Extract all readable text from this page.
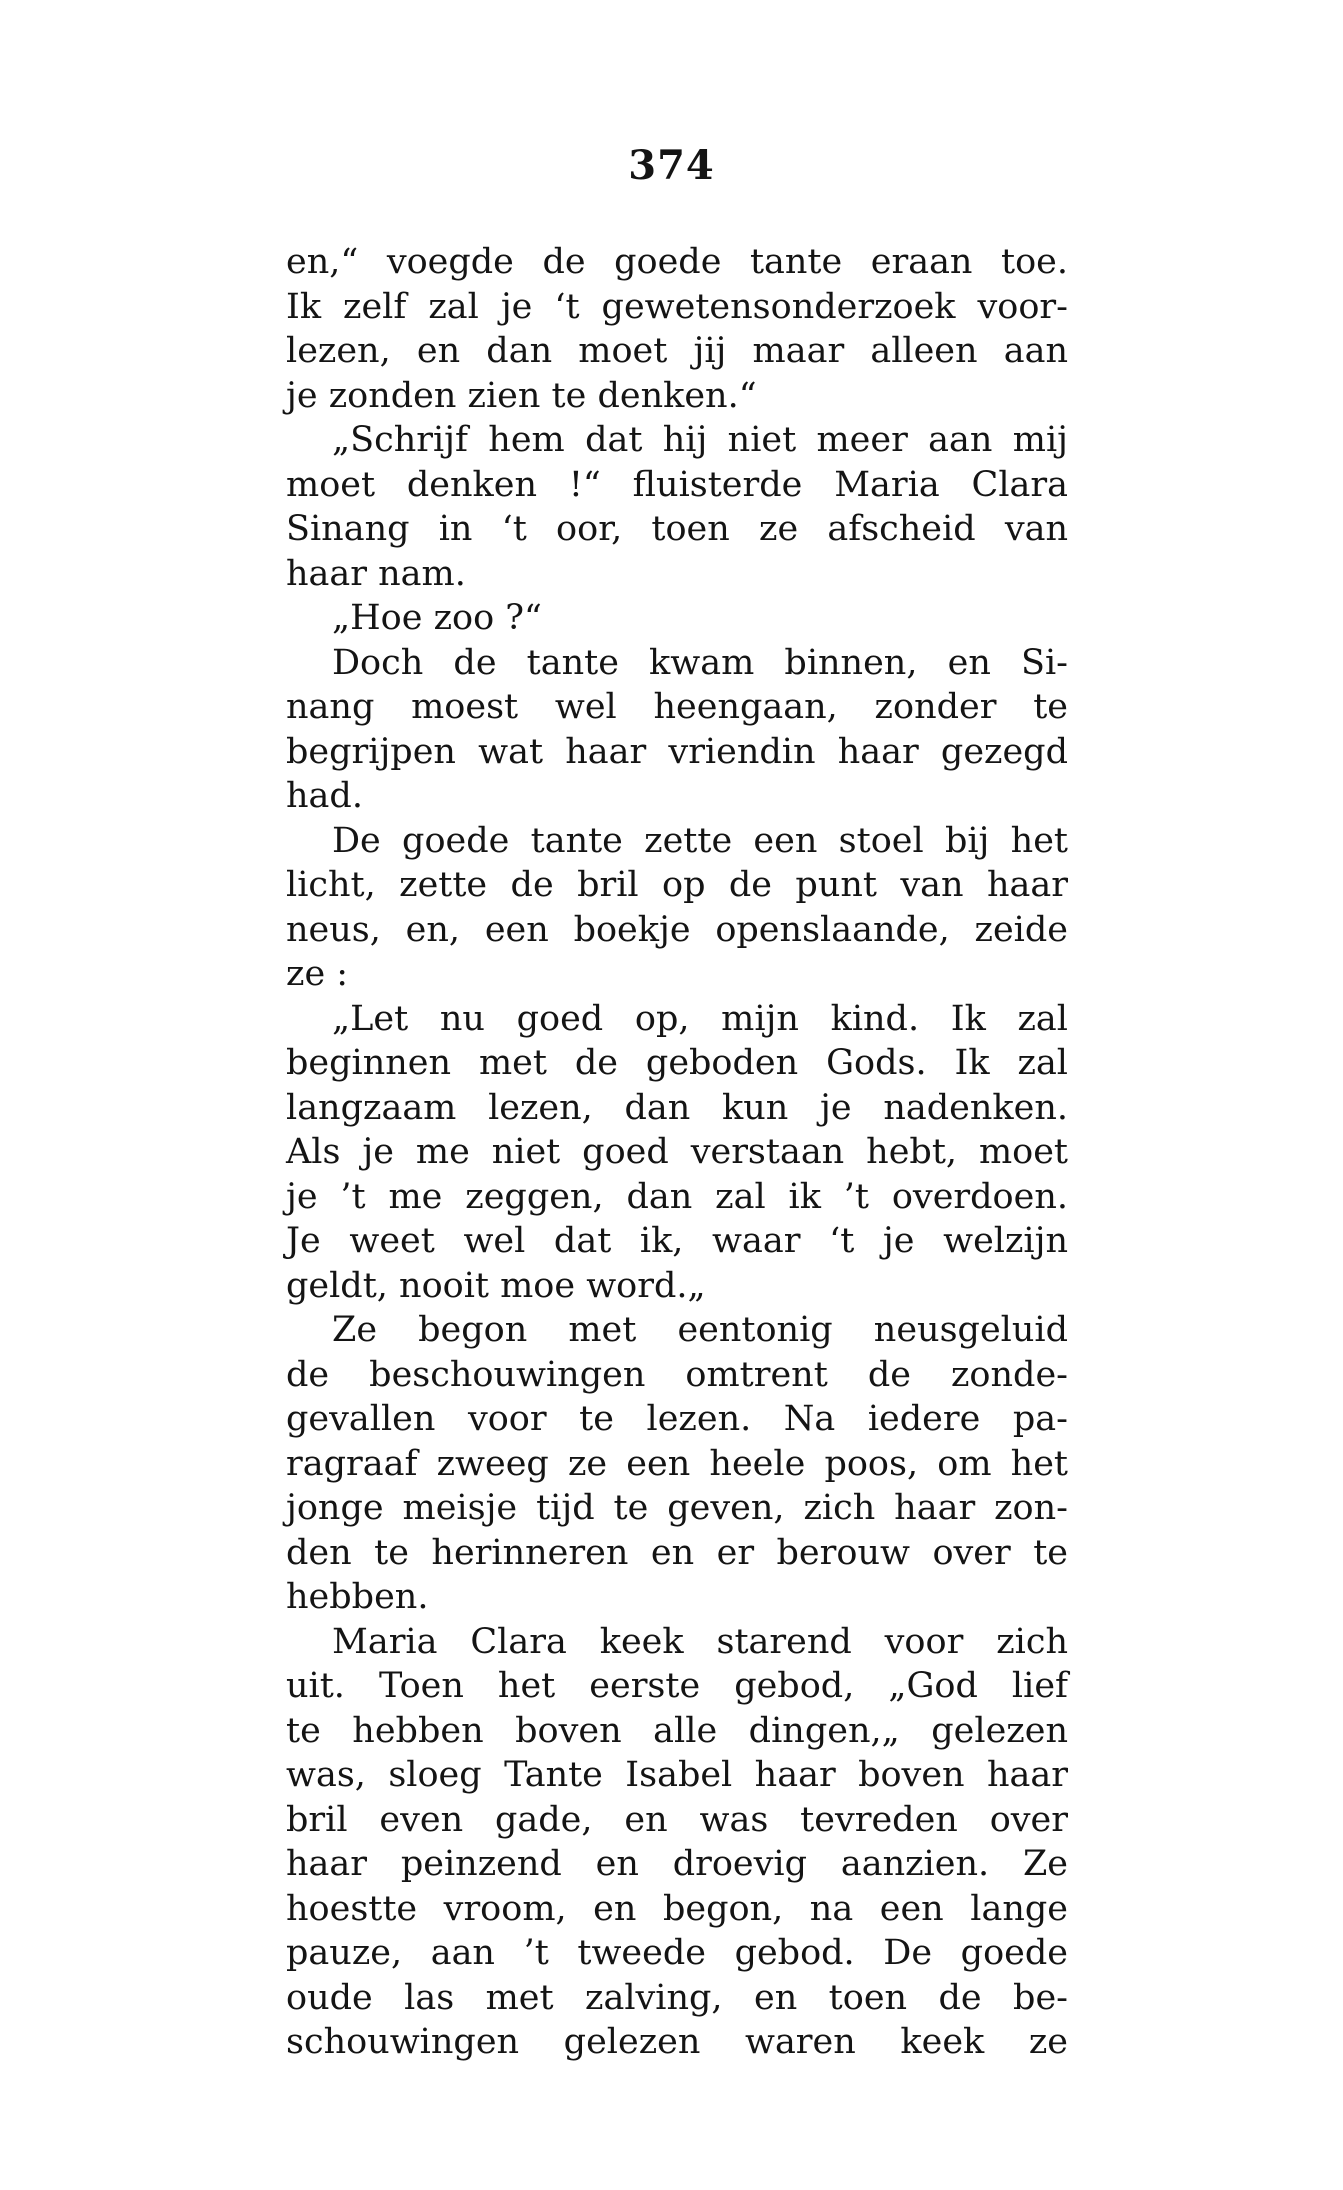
374
en,“ voegde de goede tante eraan toe.
Ik zelf zal je ‘t gewetensonderzoek voor-
lezen, en dan moet jij maar alleen aan
je zonden zien te denken.“
„Schrijf hem dat hij niet meer aan mij
moet denken !“ fluisterde Maria Clara
Sinang in ‘t oor, toen ze afscheid van
haar nam.
„Hoe zoo ?“
Doch de tante kwam binnen, en Si-
nang moest wel heengaan, zonder te
begrijpen wat haar vriendin haar gezegd
had.
De goede tante zette een stoel bij het
licht, zette de bril op de punt van haar
neus, en, een boekje openslaande, zeide
ze :
„Let nu goed op, mijn kind. Ik zal
beginnen met de geboden Gods. Ik zal
langzaam lezen, dan kun je nadenken.
Als je me niet goed verstaan hebt, moet
je ’t me zeggen, dan zal ik ’t overdoen.
Je weet wel dat ik, waar ‘t je welzijn
geldt, nooit moe word.„
Ze begon met eentonig neusgeluid
de beschouwingen omtrent de zonde-
gevallen voor te lezen. Na iedere pa-
ragraaf zweeg ze een heele poos, om het
jonge meisje tijd te geven, zich haar zon-
den te herinneren en er berouw over te
hebben.
Maria Clara keek starend voor zich
uit. Toen het eerste gebod, „God lief
te hebben boven alle dingen,„ gelezen
was, sloeg Tante Isabel haar boven haar
bril even gade, en was tevreden over
haar peinzend en droevig aanzien. Ze
hoestte vroom, en begon, na een lange
pauze, aan ’t tweede gebod. De goede
oude las met zalving, en toen de be-
schouwingen gelezen waren keek ze
